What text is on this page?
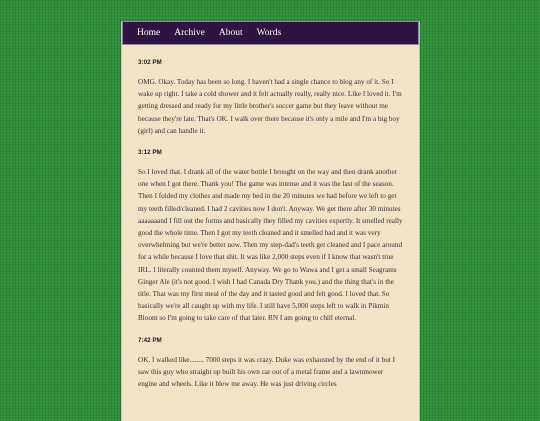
Home Archive About Words

3:02 PM

OMG. Okay. Today has been so long. I haven't had a single chance to blog any of it. So I wake up right. I take a cold shower and it felt actually really, really nice. Like I loved it. I'm getting dressed and ready for my little brother's soccer game but they leave without me because they're late. That's OK. I walk over there because it's only a mile and I'm a big boy (girl) and can handle it.

3:12 PM

So I loved that. I drank all of the water bottle I brought on the way and then drank another one when I got there. Thank you! The game was intense and it was the last of the season. Then I folded my clothes and made my bed in the 20 minutes we had before we left to get my teeth filled/cleaned. I had 2 cavities now I don't. Anyway. We get there after 30 minutes aaaaaaand I fill out the forms and basically they filled my cavities expertly. It smelled really good the whole time. Then I got my teeth cleaned and it smelled bad and it was very overwhelming but we're better now. Then my step-dad's teeth get cleaned and I pace around for a while because I love that shit. It was like 2,000 steps even if I know that wasn't true IRL. I literally counted them myself. Anyway. We go to Wawa and I get a small Seagrams Ginger Ale (it's not good. I wish I had Canada Dry Thank you.) and the thing that's in the title. That was my first meal of the day and it tasted good and felt good. I loved that. So basically we're all caught up with my life. I still have 5,000 steps left to walk in Pikmin Bloom so I'm going to take care of that later. RN I am going to chill eternal.

7:42 PM

OK. I walked like........ 7000 steps it was crazy. Duke was exhausted by the end of it but I saw this guy who straight up built his own car out of a metal frame and a lawnmower engine and wheels. Like it blew me away. He was just driving circles
